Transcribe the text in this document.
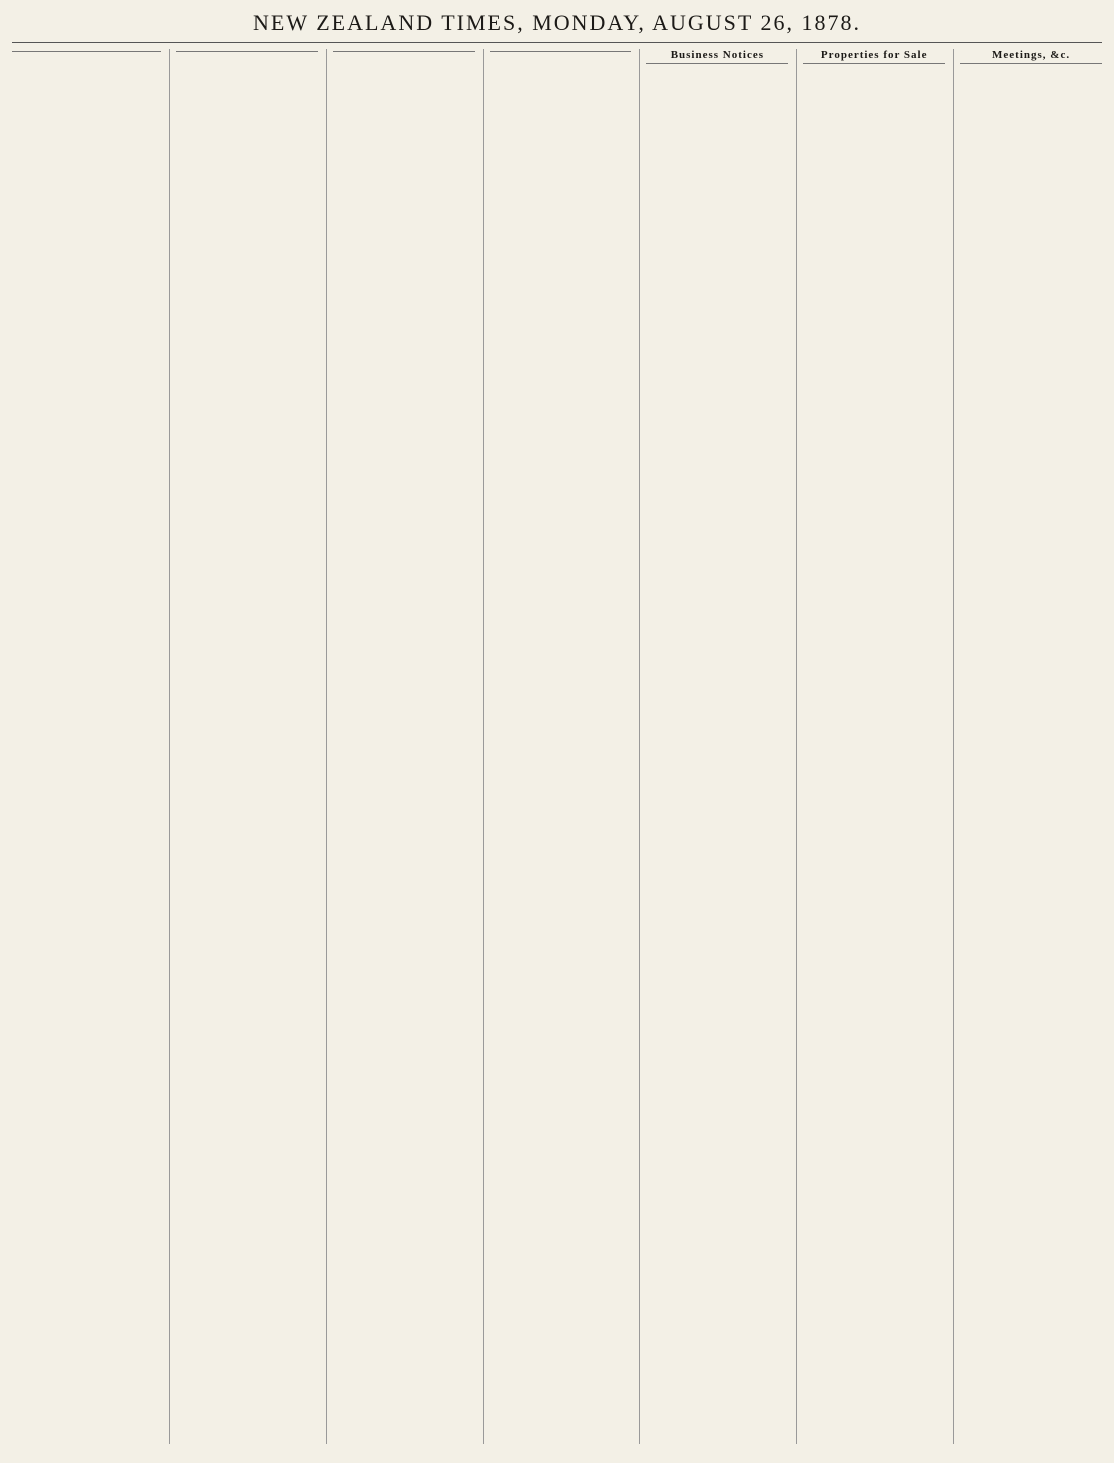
NEW ZEALAND TIMES, MONDAY, AUGUST 26, 1878.
Business Notices	Properties for Sale	Meetings, &c.
